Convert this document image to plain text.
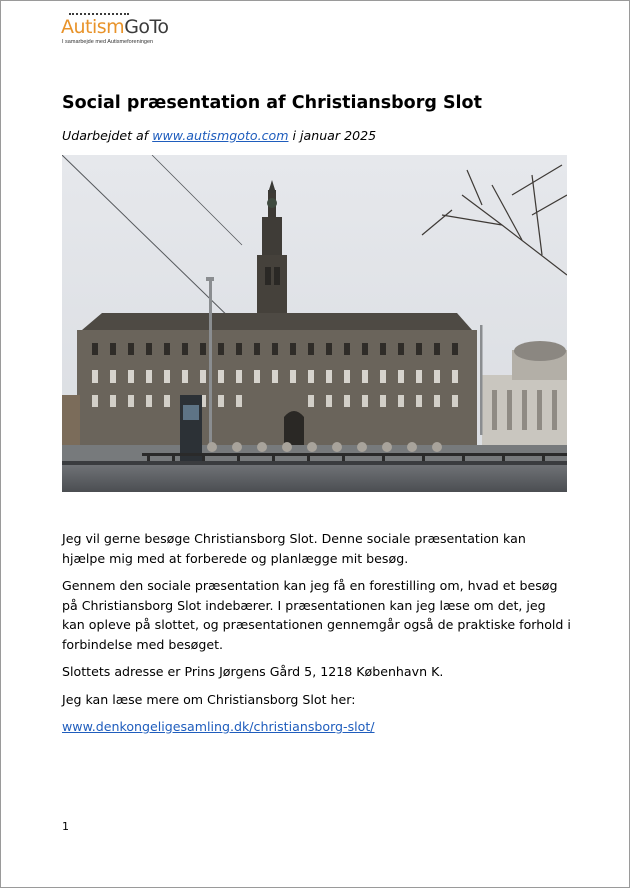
AutismGoTo
I samarbejde med Autismeforeningen
Social præsentation af Christiansborg Slot

Udarbejdet af www.autismgoto.com i januar 2025

Jeg vil gerne besøge Christiansborg Slot. Denne sociale præsentation kan hjælpe mig med at forberede og planlægge mit besøg.

Gennem den sociale præsentation kan jeg få en forestilling om, hvad et besøg på Christiansborg Slot indebærer. I præsentationen kan jeg læse om det, jeg kan opleve på slottet, og præsentationen gennemgår også de praktiske forhold i forbindelse med besøget.

Slottets adresse er Prins Jørgens Gård 5, 1218 København K.

Jeg kan læse mere om Christiansborg Slot her:

www.denkongeligesamling.dk/christiansborg-slot/

1
